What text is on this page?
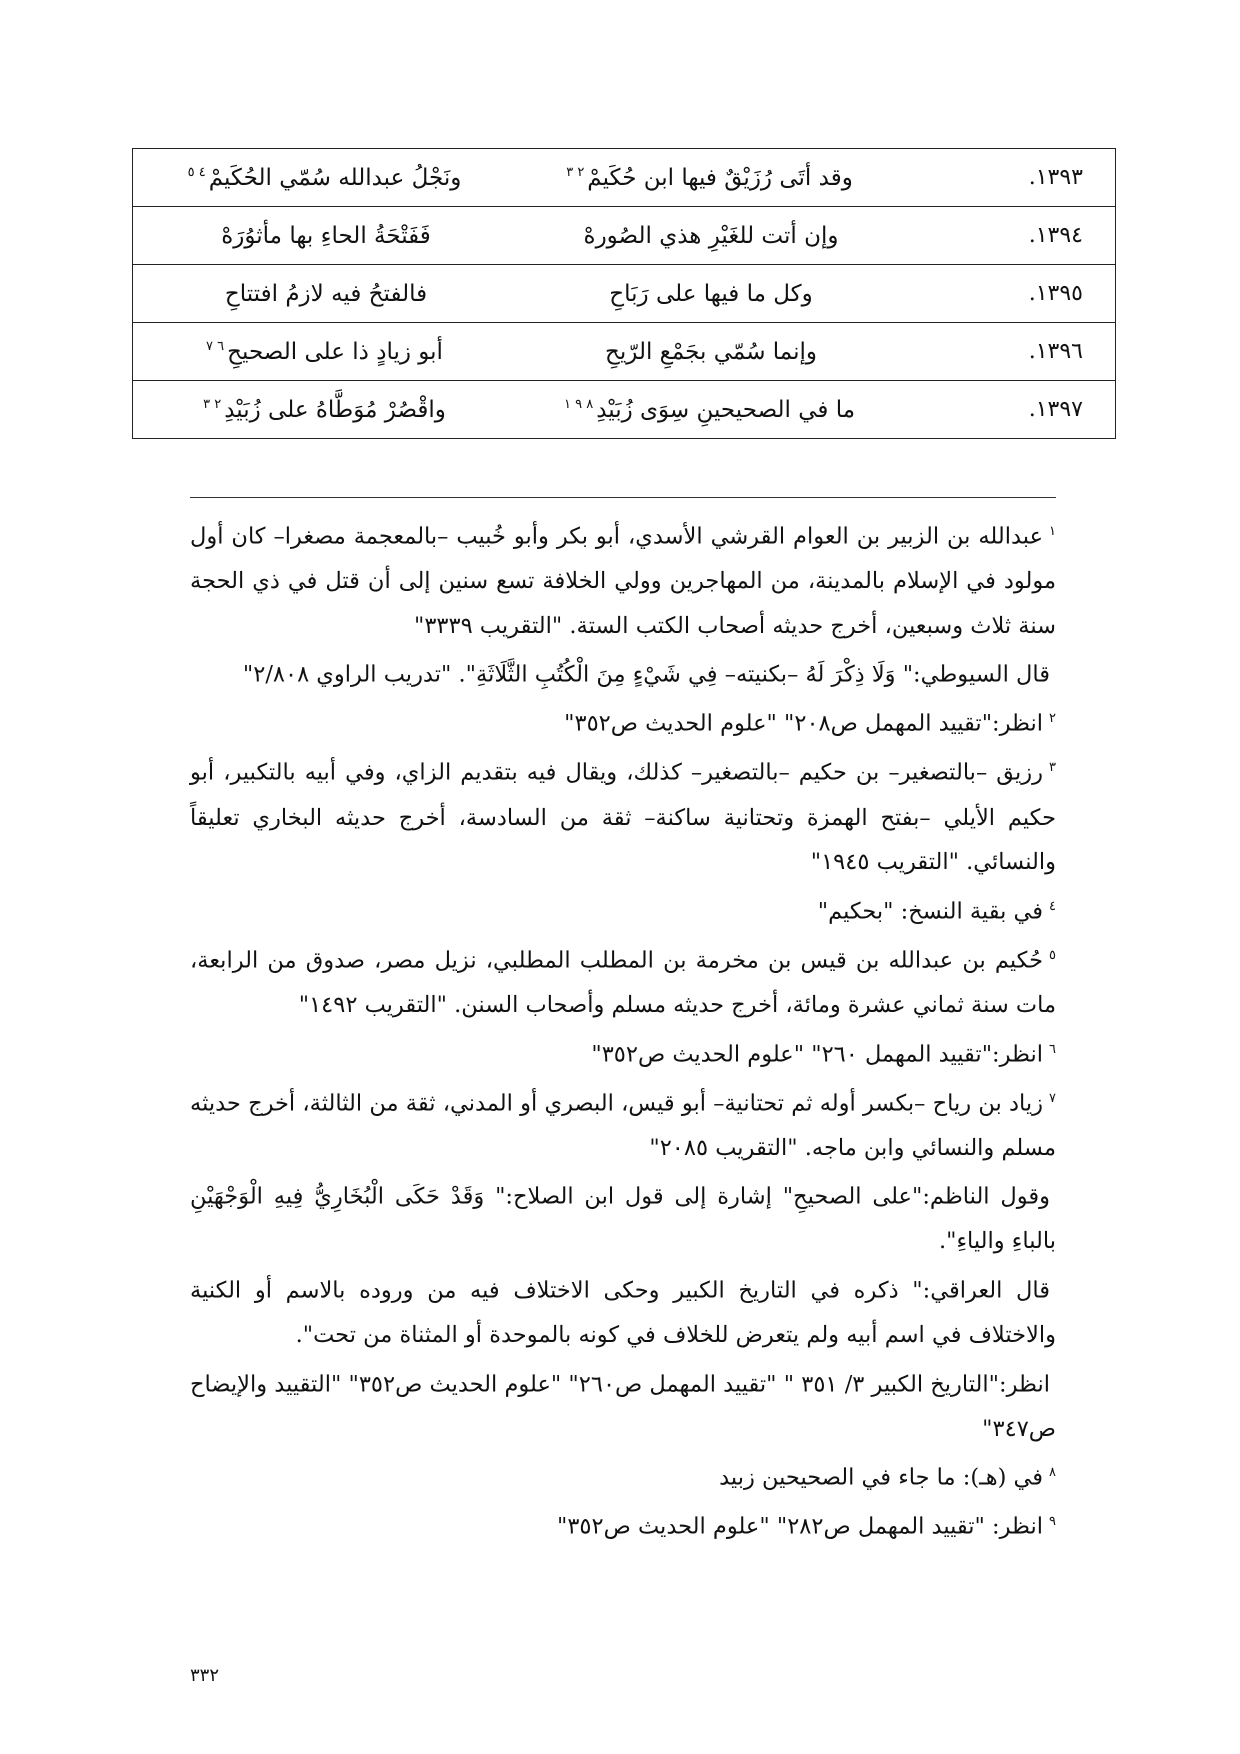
١٣٩٣.	وقد أتَى رُزَيْقٌ فيها ابن حُكَيمْ$^{٢ ٣}$	ونَجْلُ عبدالله سُمّي الحُكَيمْ$^{٤ ٥}$
١٣٩٤.	وإن أتت للغَيْرِ هذي الصُورهْ	فَفَتْحَةُ الحاءِ بها مأثوُرَهْ
١٣٩٥.	وكل ما فيها على رَبَاحِ	فالفتحُ فيه لازمُ افتتاحِ
١٣٩٦.	وإنما سُمّي بجَمْعِ الرّيحِ	أبو زيادٍ ذا على الصحيحِ$^{٦ ٧}$
١٣٩٧.	ما في الصحيحينِ سِوَى زُبَيْدِ$^{٨ ٩ ١}$	واقْصُرْ مُوَطَّاهُ على زُبَيْدِ$^{٢ ٣}$

$^١$عبدالله بن الزبير بن العوام القرشي الأسدي، أبو بكر وأبو خُبيب –بالمعجمة مصغرا– كان أول مولود في الإسلام بالمدينة، من المهاجرين وولي الخلافة تسع سنين إلى أن قتل في ذي الحجة سنة ثلاث وسبعين، أخرج حديثه أصحاب الكتب الستة. "التقريب ٣٣٣٩"

قال السيوطي:" وَلَا ذِكْرَ لَهُ –بكنيته– فِي شَيْءٍ مِنَ الْكُتُبِ الثَّلَاثَةِ". "تدريب الراوي ٢/٨٠٨"

$^٢$انظر:"تقييد المهمل ص٢٠٨" "علوم الحديث ص٣٥٢"

$^٣$رزيق –بالتصغير– بن حكيم –بالتصغير– كذلك، ويقال فيه بتقديم الزاي، وفي أبيه بالتكبير، أبو حكيم الأيلي –بفتح الهمزة وتحتانية ساكنة– ثقة من السادسة، أخرج حديثه البخاري تعليقاً والنسائي. "التقريب ١٩٤٥"

$^٤$في بقية النسخ: "بحكيم"

$^٥$حُكيم بن عبدالله بن قيس بن مخرمة بن المطلب المطلبي، نزيل مصر، صدوق من الرابعة، مات سنة ثماني عشرة ومائة، أخرج حديثه مسلم وأصحاب السنن. "التقريب ١٤٩٢"

$^٦$انظر:"تقييد المهمل ٢٦٠" "علوم الحديث ص٣٥٢"

$^٧$زياد بن رياح –بكسر أوله ثم تحتانية– أبو قيس، البصري أو المدني، ثقة من الثالثة، أخرج حديثه مسلم والنسائي وابن ماجه. "التقريب ٢٠٨٥"

وقول الناظم:"على الصحيحِ" إشارة إلى قول ابن الصلاح:" وَقَدْ حَكَى الْبُخَارِيُّ فِيهِ الْوَجْهَيْنِ بالباءِ والياءِ".

قال العراقي:" ذكره في التاريخ الكبير وحكى الاختلاف فيه من وروده بالاسم أو الكنية والاختلاف في اسم أبيه ولم يتعرض للخلاف في كونه بالموحدة أو المثناة من تحت".

انظر:"التاريخ الكبير ٣/ ٣٥١ " "تقييد المهمل ص٢٦٠" "علوم الحديث ص٣٥٢" "التقييد والإيضاح ص٣٤٧"

$^٨$في (هـ): ما جاء في الصحيحين زبيد

$^٩$انظر: "تقييد المهمل ص٢٨٢" "علوم الحديث ص٣٥٢"

٣٣٢
